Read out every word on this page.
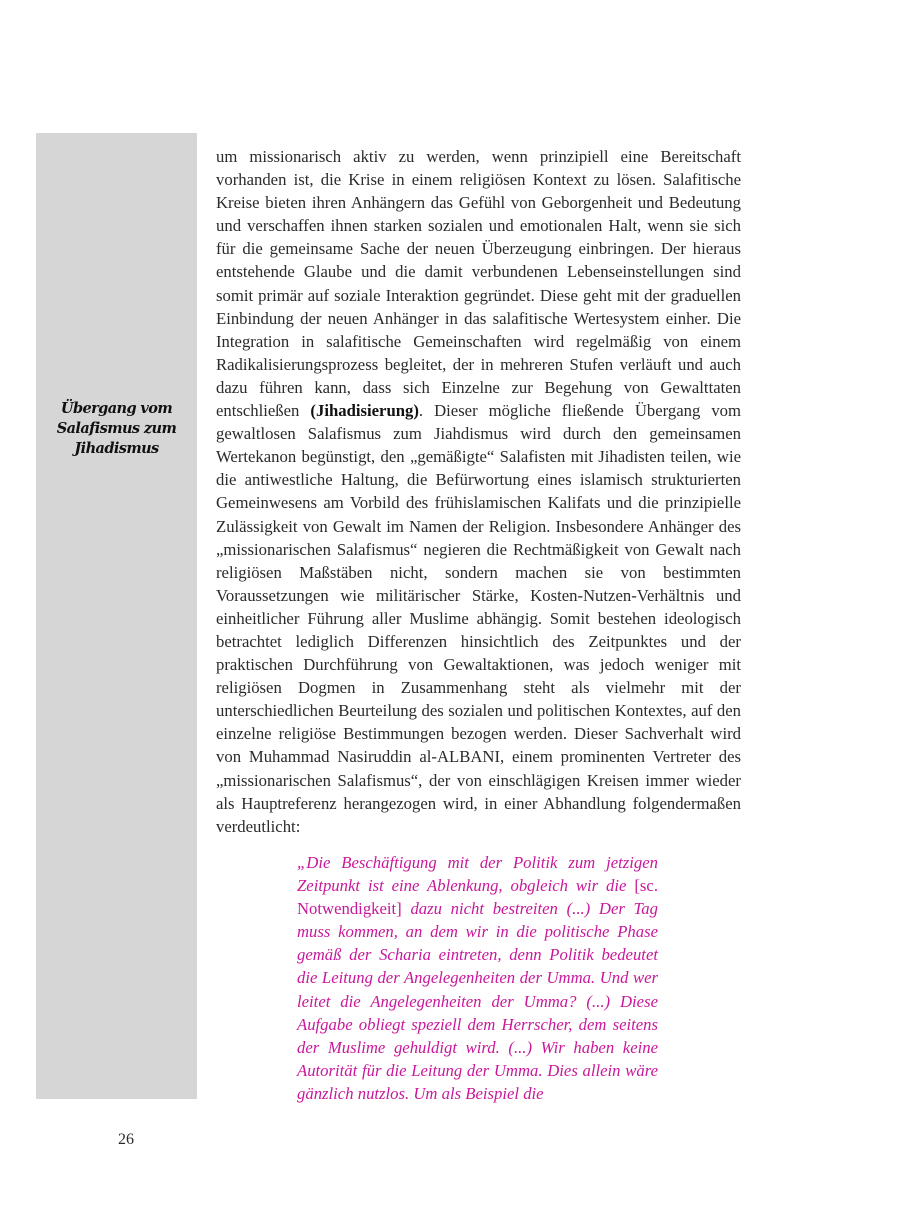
Übergang vom Salafismus zum Jihadismus

um missionarisch aktiv zu werden, wenn prinzipiell eine Bereitschaft vorhanden ist, die Krise in einem religiösen Kontext zu lösen. Salafitische Kreise bieten ihren Anhängern das Gefühl von Geborgenheit und Bedeutung und verschaffen ihnen starken sozialen und emotionalen Halt, wenn sie sich für die gemeinsame Sache der neuen Überzeugung einbringen. Der hieraus entstehende Glaube und die damit verbundenen Lebenseinstellungen sind somit primär auf soziale Interaktion gegründet. Diese geht mit der graduellen Einbindung der neuen Anhänger in das salafitische Wertesystem einher. Die Integration in salafitische Gemeinschaften wird regelmäßig von einem Radikalisierungsprozess begleitet, der in mehreren Stufen verläuft und auch dazu führen kann, dass sich Einzelne zur Begehung von Gewalttaten entschließen (Jihadisierung). Dieser mögliche fließende Übergang vom gewaltlosen Salafismus zum Jiahdismus wird durch den gemeinsamen Wertekanon begünstigt, den „gemäßigte“ Salafisten mit Jihadisten teilen, wie die antiwestliche Haltung, die Befürwortung eines islamisch strukturierten Gemeinwesens am Vorbild des frühislamischen Kalifats und die prinzipielle Zulässigkeit von Gewalt im Namen der Religion. Insbesondere Anhänger des „missionarischen Salafismus“ negieren die Rechtmäßigkeit von Gewalt nach religiösen Maßstäben nicht, sondern machen sie von bestimmten Voraussetzungen wie militärischer Stärke, Kosten-Nutzen-Verhältnis und einheitlicher Führung aller Muslime abhängig. Somit bestehen ideologisch betrachtet lediglich Differenzen hinsichtlich des Zeitpunktes und der praktischen Durchführung von Gewaltaktionen, was jedoch weniger mit religiösen Dogmen in Zusammenhang steht als vielmehr mit der unterschiedlichen Beurteilung des sozialen und politischen Kontextes, auf den einzelne religiöse Bestimmungen bezogen werden. Dieser Sachverhalt wird von Muhammad Nasiruddin al-ALBANI, einem prominenten Vertreter des „missionarischen Salafismus“, der von einschlägigen Kreisen immer wieder als Hauptreferenz herangezogen wird, in einer Abhandlung folgendermaßen verdeutlicht:

„Die Beschäftigung mit der Politik zum jetzigen Zeitpunkt ist eine Ablenkung, obgleich wir die [sc. Notwendigkeit] dazu nicht bestreiten (...) Der Tag muss kommen, an dem wir in die politische Phase gemäß der Scharia eintreten, denn Politik bedeutet die Leitung der Angelegenheiten der Umma. Und wer leitet die Angelegenheiten der Umma? (...) Diese Aufgabe obliegt speziell dem Herrscher, dem seitens der Muslime gehuldigt wird. (...) Wir haben keine Autorität für die Leitung der Umma. Dies allein wäre gänzlich nutzlos. Um als Beispiel die

26
